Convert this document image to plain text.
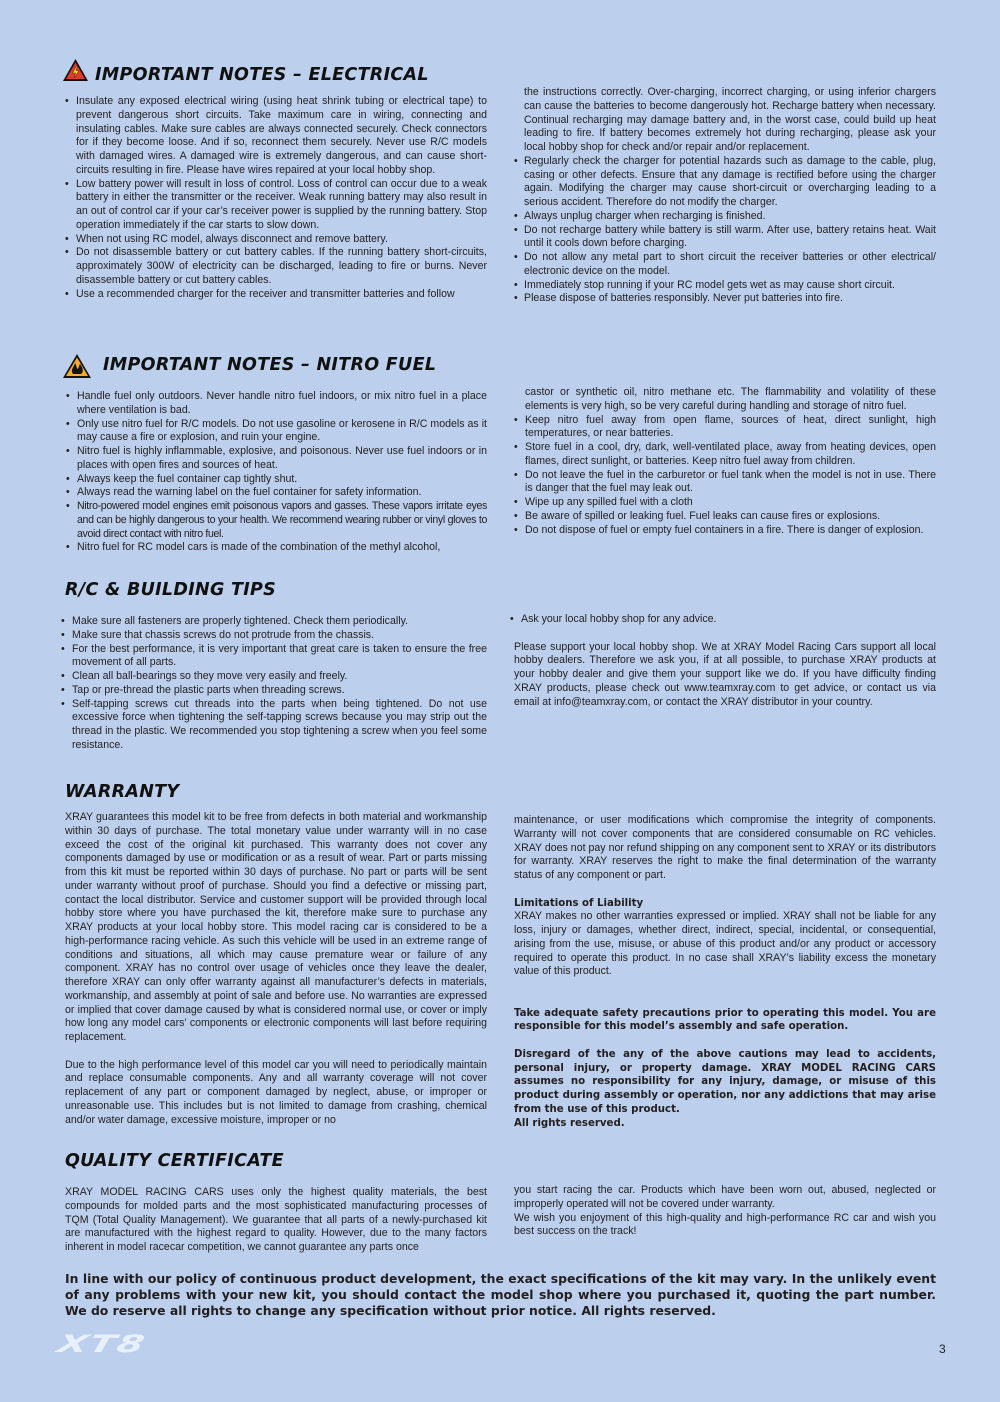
IMPORTANT NOTES – ELECTRICAL
• Insulate any exposed electrical wiring (using heat shrink tubing or electrical tape) to prevent dangerous short circuits. Take maximum care in wiring, connecting and insulating cables. Make sure cables are always connected securely. Check connectors for if they become loose. And if so, reconnect them securely. Never use R/C models with damaged wires. A damaged wire is extremely dangerous, and can cause short-circuits resulting in fire. Please have wires repaired at your local hobby shop.
• Low battery power will result in loss of control. Loss of control can occur due to a weak battery in either the transmitter or the receiver. Weak running battery may also result in an out of control car if your car’s receiver power is supplied by the running battery. Stop operation immediately if the car starts to slow down.
• When not using RC model, always disconnect and remove battery.
• Do not disassemble battery or cut battery cables. If the running battery short-circuits, approximately 300W of electricity can be discharged, leading to fire or burns. Never disassemble battery or cut battery cables.
• Use a recommended charger for the receiver and transmitter batteries and follow

the instructions correctly. Over-charging, incorrect charging, or using inferior chargers can cause the batteries to become dangerously hot. Recharge battery when necessary. Continual recharging may damage battery and, in the worst case, could build up heat leading to fire. If battery becomes extremely hot during recharging, please ask your local hobby shop for check and/or repair and/or replacement.

• Regularly check the charger for potential hazards such as damage to the cable, plug, casing or other defects. Ensure that any damage is rectified before using the charger again. Modifying the charger may cause short-circuit or overcharging leading to a serious accident. Therefore do not modify the charger.
• Always unplug charger when recharging is finished.
• Do not recharge battery while battery is still warm. After use, battery retains heat. Wait until it cools down before charging.
• Do not allow any metal part to short circuit the receiver batteries or other electrical/ electronic device on the model.
• Immediately stop running if your RC model gets wet as may cause short circuit.
• Please dispose of batteries responsibly. Never put batteries into fire.
IMPORTANT NOTES – NITRO FUEL
• Handle fuel only outdoors. Never handle nitro fuel indoors, or mix nitro fuel in a place where ventilation is bad.
• Only use nitro fuel for R/C models. Do not use gasoline or kerosene in R/C models as it may cause a fire or explosion, and ruin your engine.
• Nitro fuel is highly inflammable, explosive, and poisonous. Never use fuel indoors or in places with open fires and sources of heat.
• Always keep the fuel container cap tightly shut.
• Always read the warning label on the fuel container for safety information.
• Nitro-powered model engines emit poisonous vapors and gasses. These vapors irritate eyes and can be highly dangerous to your health. We recommend wearing rubber or vinyl gloves to avoid direct contact with nitro fuel.
• Nitro fuel for RC model cars is made of the combination of the methyl alcohol,

castor or synthetic oil, nitro methane etc. The flammability and volatility of these elements is very high, so be very careful during handling and storage of nitro fuel.

• Keep nitro fuel away from open flame, sources of heat, direct sunlight, high temperatures, or near batteries.
• Store fuel in a cool, dry, dark, well-ventilated place, away from heating devices, open flames, direct sunlight, or batteries. Keep nitro fuel away from children.
• Do not leave the fuel in the carburetor or fuel tank when the model is not in use. There is danger that the fuel may leak out.
• Wipe up any spilled fuel with a cloth
• Be aware of spilled or leaking fuel. Fuel leaks can cause fires or explosions.
• Do not dispose of fuel or empty fuel containers in a fire. There is danger of explosion.
R/C & BUILDING TIPS
• Make sure all fasteners are properly tightened. Check them periodically.
• Make sure that chassis screws do not protrude from the chassis.
• For the best performance, it is very important that great care is taken to ensure the free movement of all parts.
• Clean all ball-bearings so they move very easily and freely.
• Tap or pre-thread the plastic parts when threading screws.
• Self-tapping screws cut threads into the parts when being tightened. Do not use excessive force when tightening the self-tapping screws because you may strip out the thread in the plastic. We recommended you stop tightening a screw when you feel some resistance.
• Ask your local hobby shop for any advice.

Please support your local hobby shop. We at XRAY Model Racing Cars support all local hobby dealers. Therefore we ask you, if at all possible, to purchase XRAY products at your hobby dealer and give them your support like we do. If you have difficulty finding XRAY products, please check out www.teamxray.com to get advice, or contact us via email at info@teamxray.com, or contact the XRAY distributor in your country.

WARRANTY

XRAY guarantees this model kit to be free from defects in both material and workmanship within 30 days of purchase. The total monetary value under warranty will in no case exceed the cost of the original kit purchased. This warranty does not cover any components damaged by use or modification or as a result of wear. Part or parts missing from this kit must be reported within 30 days of purchase. No part or parts will be sent under warranty without proof of purchase. Should you find a defective or missing part, contact the local distributor. Service and customer support will be provided through local hobby store where you have purchased the kit, therefore make sure to purchase any XRAY products at your local hobby store. This model racing car is considered to be a high-performance racing vehicle. As such this vehicle will be used in an extreme range of conditions and situations, all which may cause premature wear or failure of any component. XRAY has no control over usage of vehicles once they leave the dealer, therefore XRAY can only offer warranty against all manufacturer’s defects in materials, workmanship, and assembly at point of sale and before use. No warranties are expressed or implied that cover damage caused by what is considered normal use, or cover or imply how long any model cars’ components or electronic components will last before requiring replacement.

Due to the high performance level of this model car you will need to periodically maintain and replace consumable components. Any and all warranty coverage will not cover replacement of any part or component damaged by neglect, abuse, or improper or unreasonable use. This includes but is not limited to damage from crashing, chemical and/or water damage, excessive moisture, improper or no

maintenance, or user modifications which compromise the integrity of components. Warranty will not cover components that are considered consumable on RC vehicles. XRAY does not pay nor refund shipping on any component sent to XRAY or its distributors for warranty. XRAY reserves the right to make the final determination of the warranty status of any component or part.

Limitations of Liability

XRAY makes no other warranties expressed or implied. XRAY shall not be liable for any loss, injury or damages, whether direct, indirect, special, incidental, or consequential, arising from the use, misuse, or abuse of this product and/or any product or accessory required to operate this product. In no case shall XRAY’s liability excess the monetary value of this product.

Take adequate safety precautions prior to operating this model. You are responsible for this model’s assembly and safe operation.

Disregard of the any of the above cautions may lead to accidents, personal injury, or property damage. XRAY MODEL RACING CARS assumes no responsibility for any injury, damage, or misuse of this product during assembly or operation, nor any addictions that may arise from the use of this product.

All rights reserved.

QUALITY CERTIFICATE

XRAY MODEL RACING CARS uses only the highest quality materials, the best compounds for molded parts and the most sophisticated manufacturing processes of TQM (Total Quality Management). We guarantee that all parts of a newly-purchased kit are manufactured with the highest regard to quality. However, due to the many factors inherent in model racecar competition, we cannot guarantee any parts once

you start racing the car. Products which have been worn out, abused, neglected or improperly operated will not be covered under warranty.

We wish you enjoyment of this high-quality and high-performance RC car and wish you best success on the track!

In line with our policy of continuous product development, the exact specifications of the kit may vary. In the unlikely event of any problems with your new kit, you should contact the model shop where you purchased it, quoting the part number. We do reserve all rights to change any specification without prior notice. All rights reserved.
XT8	3
